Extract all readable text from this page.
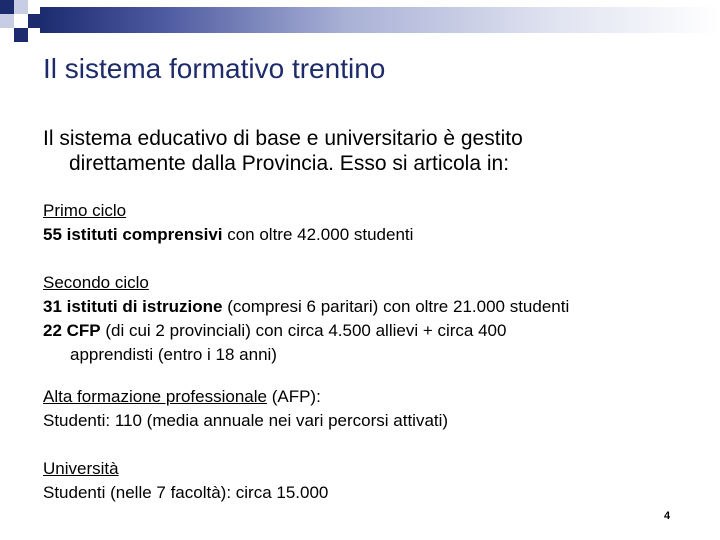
Il sistema formativo trentino
Il sistema educativo di base e universitario è gestito
direttamente dalla Provincia. Esso si articola in:
Primo ciclo
55 istituti comprensivi con oltre 42.000 studenti
Secondo ciclo
31 istituti di istruzione (compresi 6 paritari) con oltre 21.000 studenti
22 CFP (di cui 2 provinciali) con circa 4.500 allievi + circa 400
apprendisti (entro i 18 anni)
Alta formazione professionale (AFP):
Studenti: 110 (media annuale nei vari percorsi attivati)
Università
Studenti (nelle 7 facoltà): circa 15.000
4
